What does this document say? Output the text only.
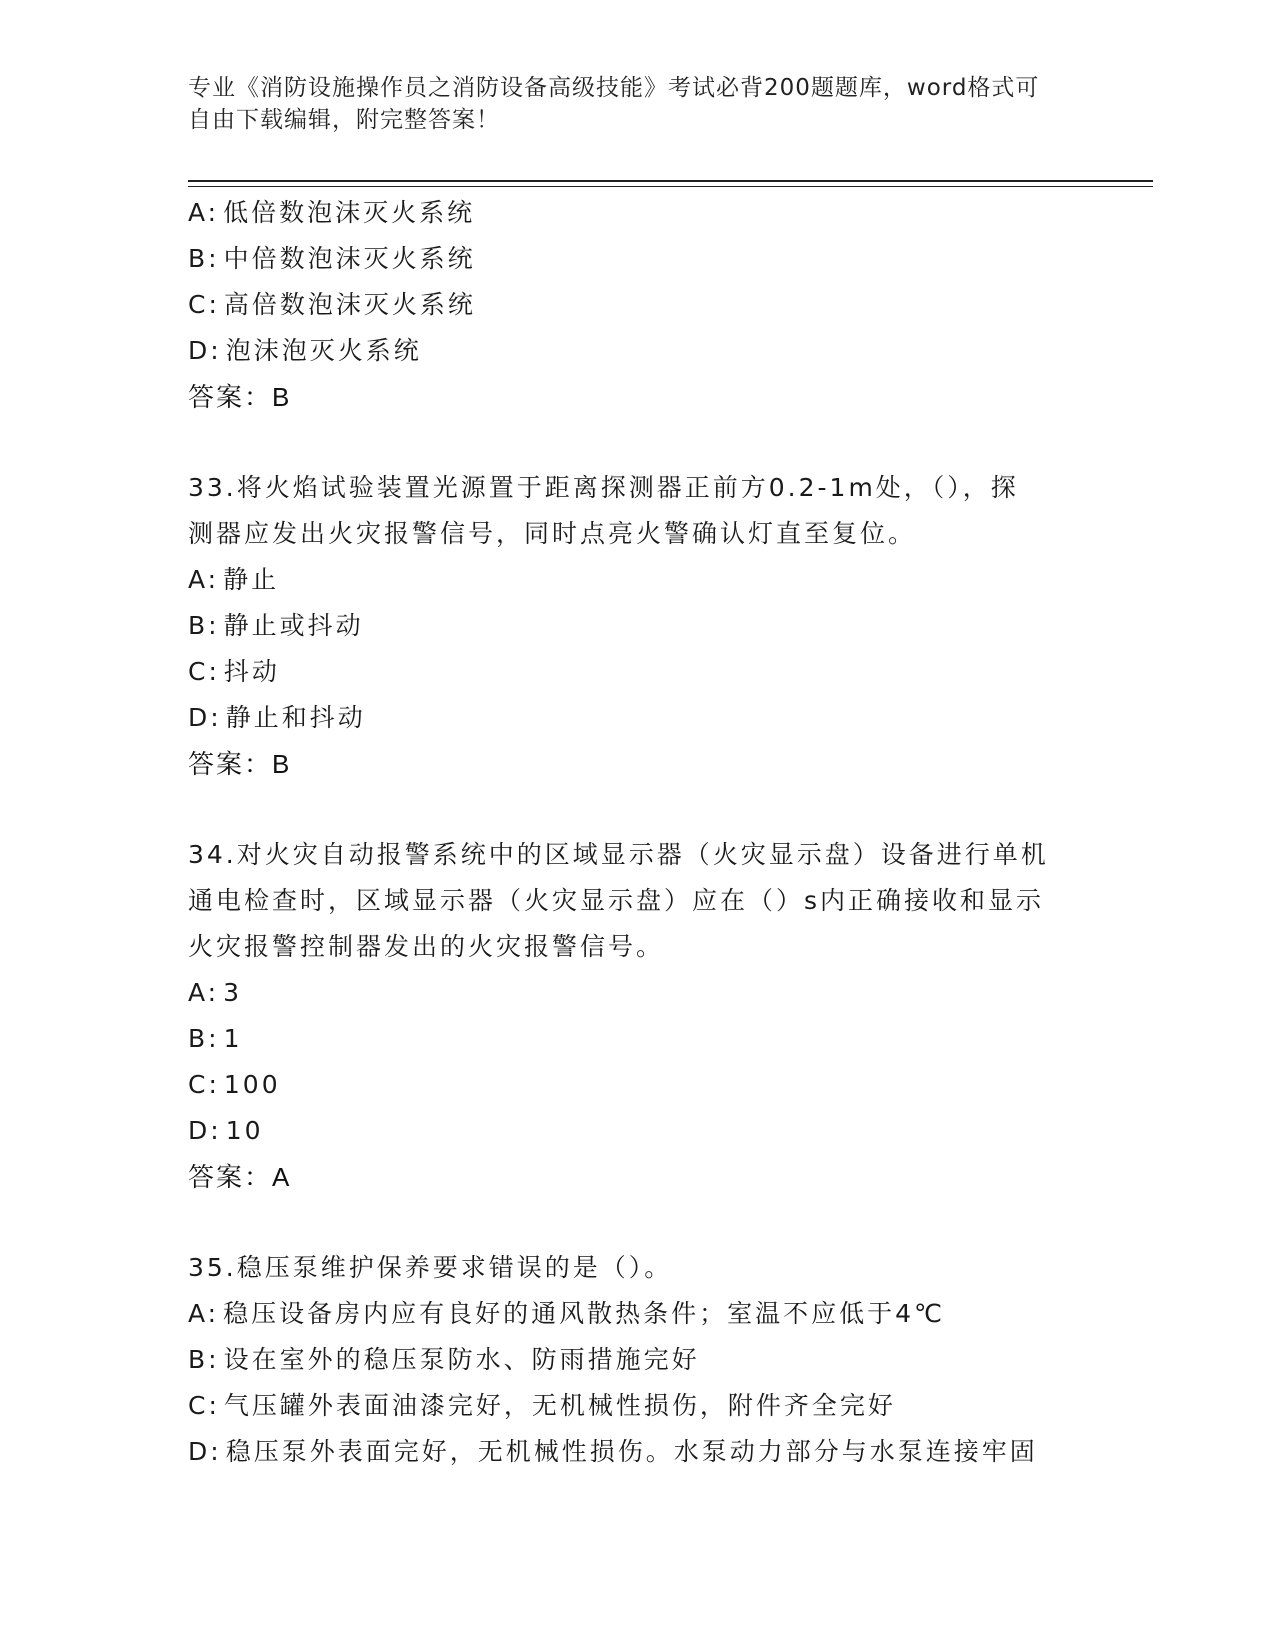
专业《消防设施操作员之消防设备高级技能》考试必背200题题库，word格式可
自由下载编辑，附完整答案！
A: 低倍数泡沫灭火系统
B: 中倍数泡沫灭火系统
C: 高倍数泡沫灭火系统
D: 泡沫泡灭火系统
答案：B
33.将火焰试验装置光源置于距离探测器正前方0.2-1m处，（），探
测器应发出火灾报警信号，同时点亮火警确认灯直至复位。
A: 静止
B: 静止或抖动
C: 抖动
D: 静止和抖动
答案：B
34.对火灾自动报警系统中的区域显示器（火灾显示盘）设备进行单机
通电检查时，区域显示器（火灾显示盘）应在（）s内正确接收和显示
火灾报警控制器发出的火灾报警信号。
A: 3
B: 1
C: 100
D: 10
答案：A
35.稳压泵维护保养要求错误的是（）。
A: 稳压设备房内应有良好的通风散热条件；室温不应低于4℃
B: 设在室外的稳压泵防水、防雨措施完好
C: 气压罐外表面油漆完好，无机械性损伤，附件齐全完好
D: 稳压泵外表面完好，无机械性损伤。水泵动力部分与水泵连接牢固
